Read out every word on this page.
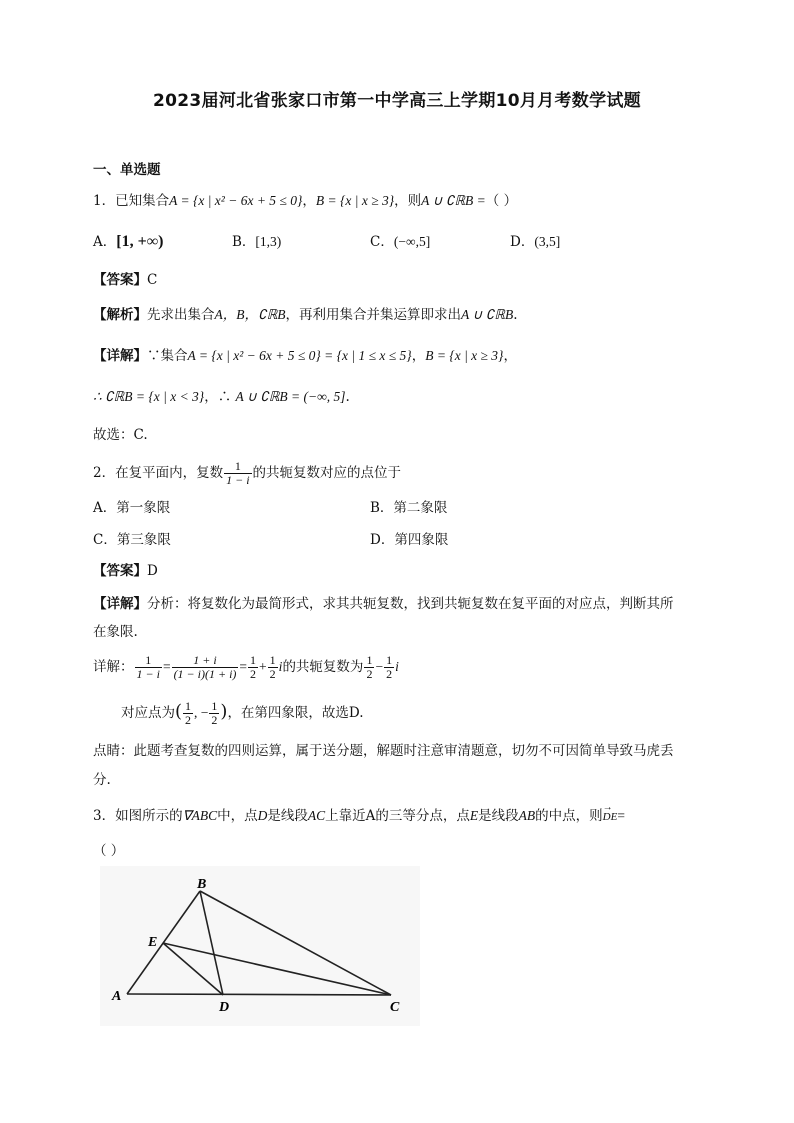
2023届河北省张家口市第一中学高三上学期10月月考数学试题
一、单选题
1．已知集合A = {x | x² − 6x + 5 ≤ 0}，B = {x | x ≥ 3}，则A ∪ ∁ℝB =（ ）
A．[1, +∞)	B．[1,3)	C．(−∞,5]	D．(3,5]
【答案】C
【解析】先求出集合A，B，∁ℝB，再利用集合并集运算即求出A ∪ ∁ℝB.
【详解】∵集合A = {x | x² − 6x + 5 ≤ 0} = {x | 1 ≤ x ≤ 5}，B = {x | x ≥ 3}，
∴ ∁ℝB = {x | x < 3}，∴ A ∪ ∁ℝB = (−∞, 5].
故选：C.
2．在复平面内，复数 $\frac{1}{1 - i}$ 的共轭复数对应的点位于
A．第一象限	B．第二象限
C．第三象限	D．第四象限
【答案】D
【详解】分析：将复数化为最简形式，求其共轭复数，找到共轭复数在复平面的对应点，判断其所
在象限.
详解： $\frac{1}{1 - i} = \frac{1 + i}{(1 - i)(1 + i)} = \frac{1}{2} + \frac{1}{2}$ i的共轭复数为 $\frac{1}{2} - \frac{1}{2}$ i
对应点为( $\frac{1}{2}$ , − $\frac{1}{2}$ )，在第四象限，故选D.
点睛：此题考查复数的四则运算，属于送分题，解题时注意审清题意，切勿不可因简单导致马虎丢
分.
3．如图所示的∇ABC中，点D是线段AC上靠近A的三等分点，点E是线段AB的中点，则
→
DE=
（ ）
A
B
C
D
E
